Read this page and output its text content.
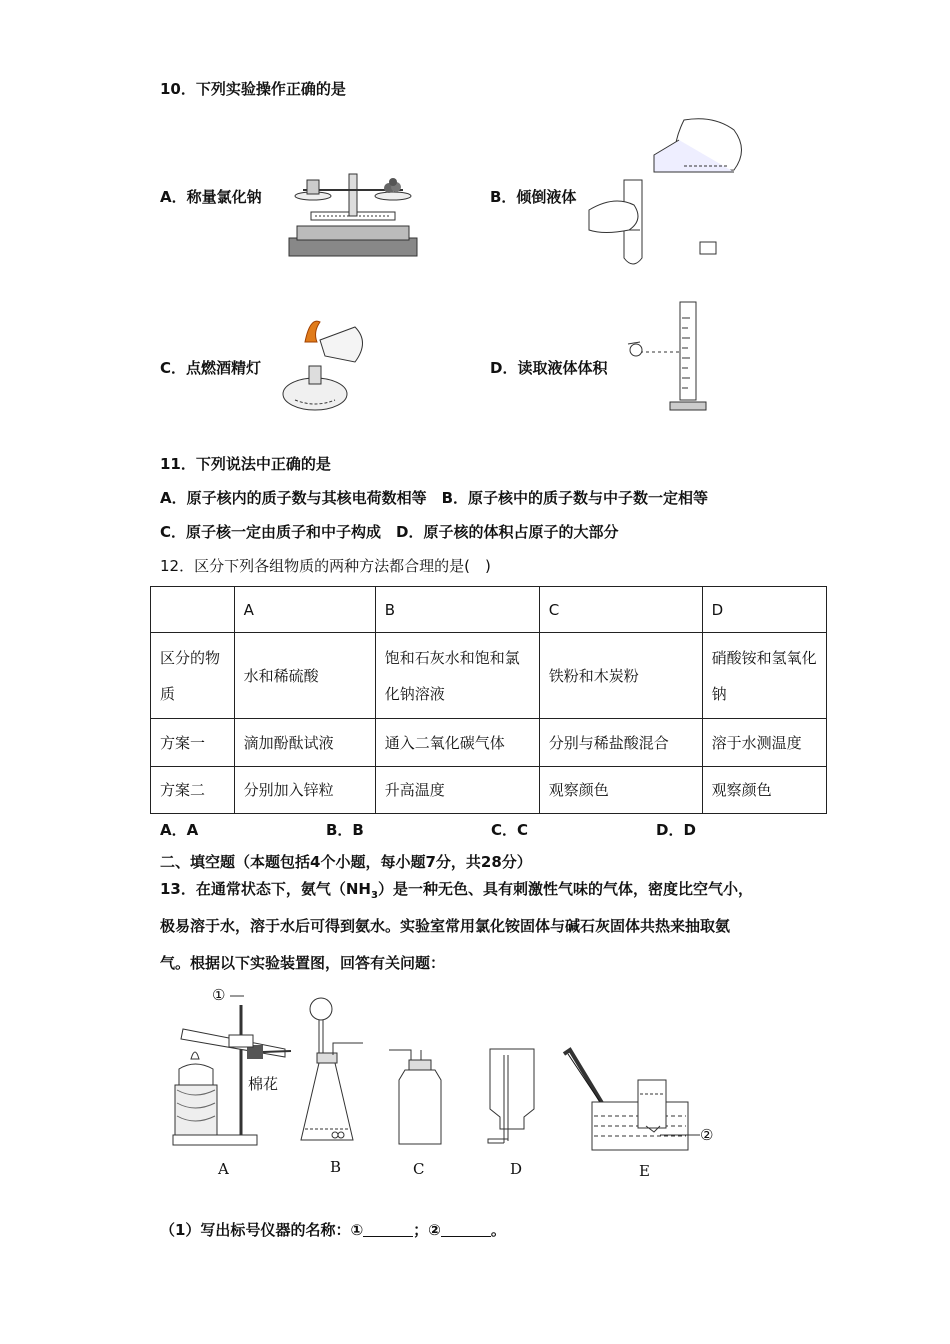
10．下列实验操作正确的是
A．称量氯化钠	B．倾倒液体
C．点燃酒精灯	D．读取液体体积
11．下列说法中正确的是
A．原子核内的质子数与其核电荷数相等　B．原子核中的质子数与中子数一定相等
C．原子核一定由质子和中子构成　D．原子核的体积占原子的大部分
12．区分下列各组物质的两种方法都合理的是(　)
	A	B	C	D
区分的物质	水和稀硫酸	饱和石灰水和饱和氯化钠溶液	铁粉和木炭粉	硝酸铵和氢氧化钠
方案一	滴加酚酞试液	通入二氧化碳气体	分别与稀盐酸混合	溶于水测温度
方案二	分别加入锌粒	升高温度	观察颜色	观察颜色
A．A	B．B	C．C	D．D
二、填空题（本题包括4个小题，每小题7分，共28分）
13．在通常状态下，氨气$(NH_3)$是一种无色、具有刺激性气味的气体，密度比空气小，
极易溶于水，溶于水后可得到氨水。实验室常用氯化铵固体与碱石灰固体共热来抽取氨
气。根据以下实验装置图，回答有关问题：
①
棉花
②
A	B	C	D	E
（1）写出标号仪器的名称：①	；②	。
